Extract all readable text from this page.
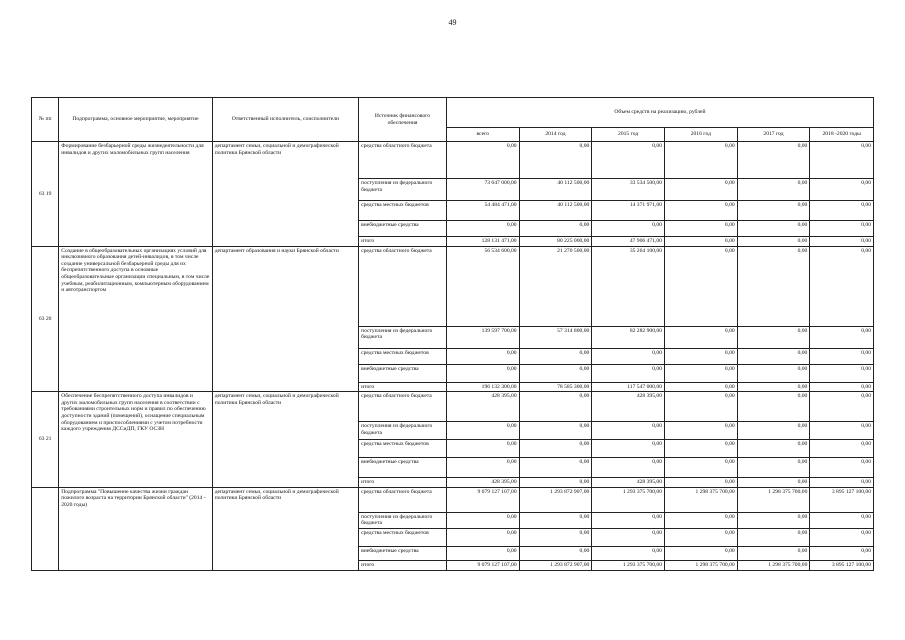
49
№ пп	Подпрограмма, основное мероприятие, мероприятие	Ответственный исполнитель, соисполнители	Источник финансового обеспечения	Объем средств на реализацию, рублей					
				всего	2014 год	2015 год	2016 год	2017 год	2018 -2020 годы
63 19	Формирование безбарьерной среды жизнедеятельности для инвалидов и других маломобильных групп населения	департамент семьи, социальной и демографической политики Брянской области	средства областного бюджета	0,00	0,00	0,00	0,00	0,00	0,00
			поступления из федерального бюджета	73 647 000,00	40 112 500,00	33 534 500,00	0,00	0,00	0,00
			средства местных бюджетов	54 484 471,00	40 112 500,00	14 371 971,00	0,00	0,00	0,00
			внебюджетные средства	0,00	0,00	0,00	0,00	0,00	0,00
			итого	128 131 471,00	80 225 000,00	47 906 471,00	0,00	0,00	0,00
63 20	Создание в общеобразовательных организациях условий для инклюзивного образования детей-инвалидов, в том числе создание универсальной безбарьерной среды для их беспрепятственного доступа в основные общеобразовательные организации специальным, в том числе учебным, реабилитационным, компьютерным оборудованием и автотранспортом	департамент образования и науки Брянской области	средства областного бюджета	56 534 600,00	21 270 500,00	35 264 100,00	0,00	0,00	0,00
			поступления из федерального бюджета	139 597 700,00	57 314 800,00	82 282 900,00	0,00	0,00	0,00
			средства местных бюджетов	0,00	0,00	0,00	0,00	0,00	0,00
			внебюджетные средства	0,00	0,00	0,00	0,00	0,00	0,00
			итого	196 132 300,00	78 585 300,00	117 547 000,00	0,00	0,00	0,00
63 21	Обеспечение беспрепятственного доступа инвалидов и других маломобильных групп населения в соответствии с требованиями строительных норм и правил по обеспечению доступности зданий (помещений), оснащение специальным оборудованием и приспособлениями с учетом потребности каждого учреждения ДССиДП, ГКУ ОСЗН	департамент семьи, социальной и демографической политики Брянской области	средства областного бюджета	428 395,00	0,00	428 395,00	0,00	0,00	0,00
			поступления из федерального бюджета	0,00	0,00	0,00	0,00	0,00	0,00
			средства местных бюджетов	0,00	0,00	0,00	0,00	0,00	0,00
			внебюджетные средства	0,00	0,00	0,00	0,00	0,00	0,00
			итого	428 395,00	0,00	428 395,00	0,00	0,00	0,00
	Подпрограмма "Повышение качества жизни граждан пожилого возраста на территории Брянской области" (2014 - 2020 годы)	департамент семьи, социальной и демографической политики Брянской области	средства областного бюджета	9 079 127 107,00	1 293 872 907,00	1 293 375 700,00	1 298 375 700,00	1 298 375 700,00	3 895 127 100,00
			поступления из федерального бюджета	0,00	0,00	0,00	0,00	0,00	0,00
			средства местных бюджетов	0,00	0,00	0,00	0,00	0,00	0,00
			внебюджетные средства	0,00	0,00	0,00	0,00	0,00	0,00
			итого	9 079 127 107,00	1 293 872 907,00	1 293 375 700,00	1 298 375 700,00	1 298 375 700,00	3 895 127 100,00
